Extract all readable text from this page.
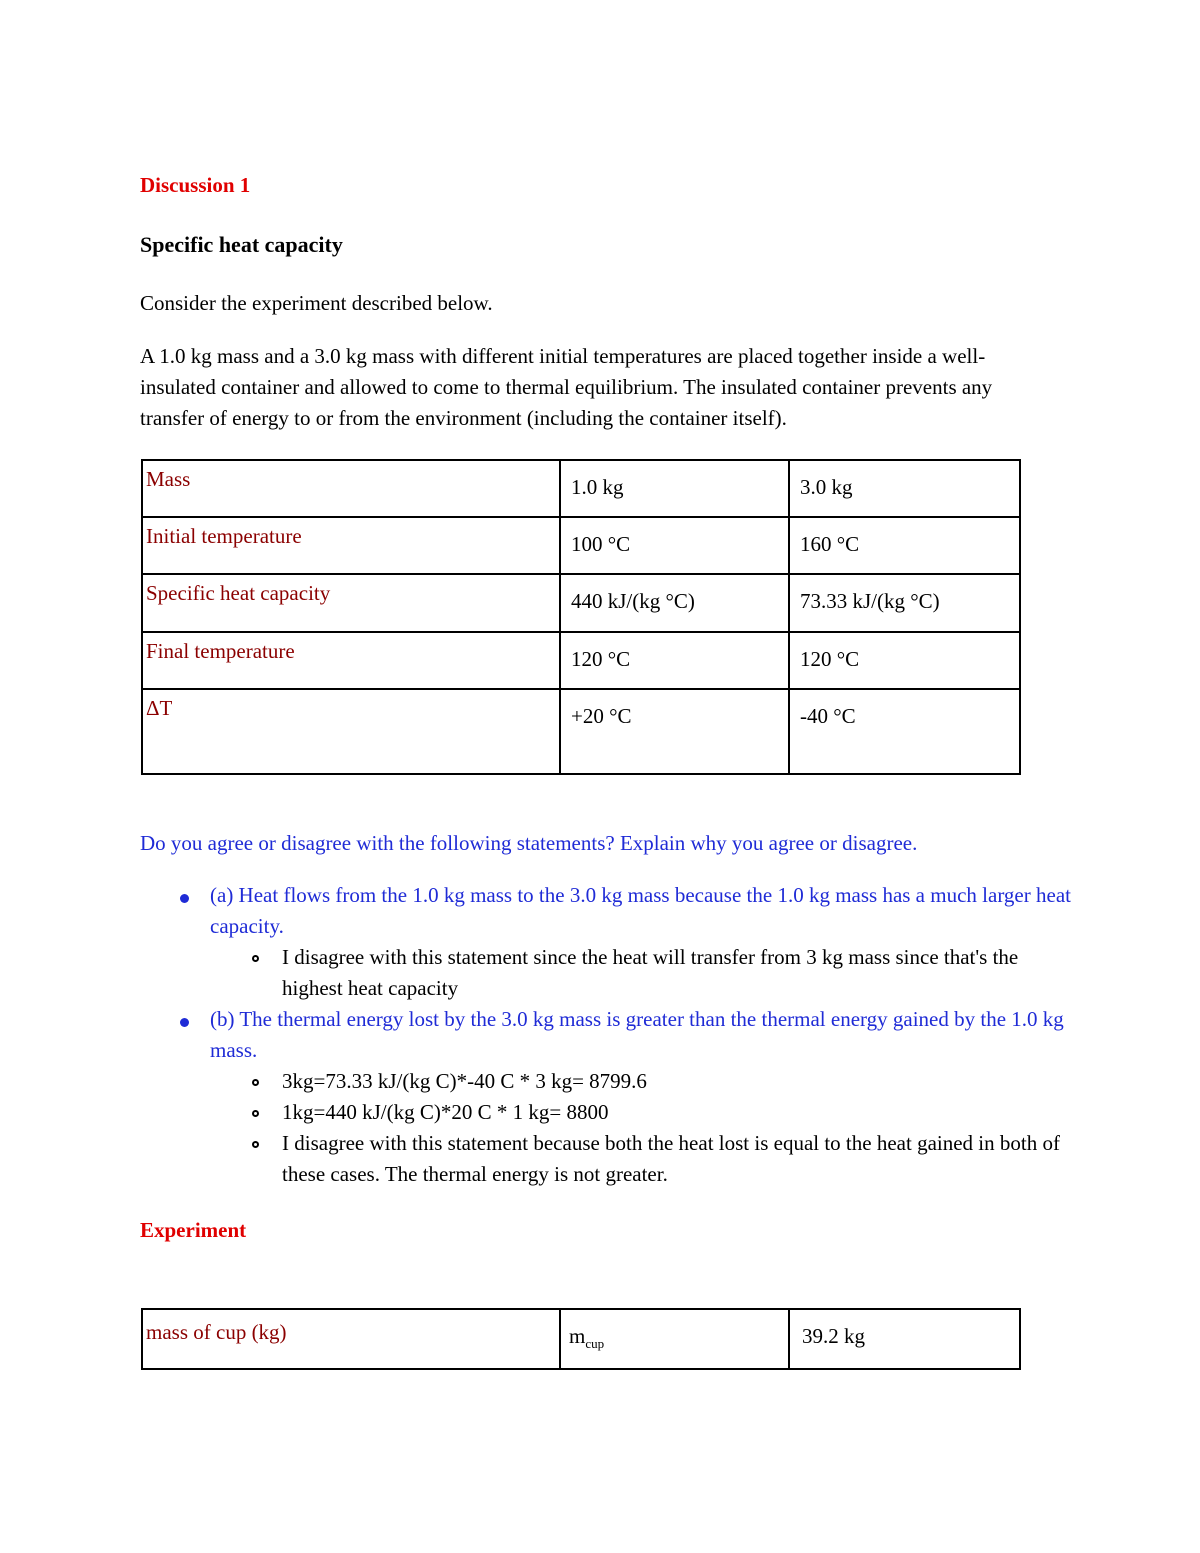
Discussion 1

Specific heat capacity

Consider the experiment described below.

A 1.0 kg mass and a 3.0 kg mass with different initial temperatures are placed together inside a well-insulated container and allowed to come to thermal equilibrium. The insulated container prevents any transfer of energy to or from the environment (including the container itself).

Mass	1.0 kg	3.0 kg
Initial temperature	100 °C	160 °C
Specific heat capacity	440 kJ/(kg °C)	73.33 kJ/(kg °C)
Final temperature	120 °C	120 °C
ΔT	+20 °C	-40 °C

Do you agree or disagree with the following statements? Explain why you agree or disagree.

(a) Heat flows from the 1.0 kg mass to the 3.0 kg mass because the 1.0 kg mass has a much larger heat capacity.
I disagree with this statement since the heat will transfer from 3 kg mass since that's the highest heat capacity
(b) The thermal energy lost by the 3.0 kg mass is greater than the thermal energy gained by the 1.0 kg mass.
3kg=73.33 kJ/(kg C)*-40 C * 3 kg= 8799.6
1kg=440 kJ/(kg C)*20 C * 1 kg= 8800
I disagree with this statement because both the heat lost is equal to the heat gained in both of these cases. The thermal energy is not greater.

Experiment

mass of cup (kg)	$m_{cup}$	39.2 kg
